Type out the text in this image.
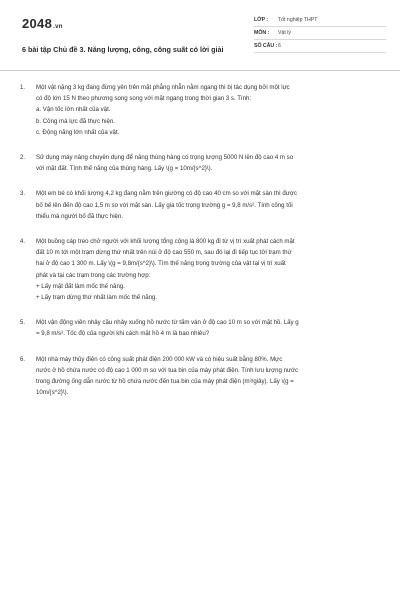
2048.vn
6 bài tập Chủ đề 3. Năng lượng, công, công suất có lời giải
LỚP : Tốt nghiệp THPT
MÔN : Vật lý
SỐ CÂU : 6
1. Một vật nặng 3 kg đang đứng yên trên mặt phẳng nhẵn nằm ngang thì bị tác dụng bởi một lực
có độ lớn 15 N theo phương song song với mặt ngang trong thời gian 3 s. Tính:
a. Vận tốc lớn nhất của vật.
b. Công mà lực đã thực hiện.
c. Động năng lớn nhất của vật.
2. Sử dụng máy nâng chuyên dụng để nâng thùng hàng có trọng lượng 5000 N lên độ cao 4 m so
với mặt đất. Tính thế năng của thùng hàng. Lấy \(g = 10m/{s^2}\).
3. Một em bé có khối lượng 4,2 kg đang nằm trên giường có độ cao 40 cm so với mặt sàn thì được
bố bế lên đến độ cao 1,5 m so với mặt sàn. Lấy gia tốc trọng trường g = 9,8 m/s². Tính công tối
thiểu mà người bố đã thực hiện.
4. Một buồng cáp treo chở người với khối lượng tổng cộng là 800 kg đi từ vị trí xuất phát cách mặt
đất 10 m tới một trạm dừng thứ nhất trên núi ở độ cao 550 m, sau đó lại đi tiếp tục tới trạm thứ
hai ở độ cao 1 300 m. Lấy \(g = 9,8m/{s^2}\). Tìm thế năng trọng trường của vật tại vị trí xuất
phát và tại các trạm trong các trường hợp:
+ Lấy mặt đất làm mốc thế năng.
+ Lấy trạm dừng thứ nhất làm mốc thế năng.
5. Một vận động viên nhảy cầu nhảy xuống hồ nước từ tấm ván ở độ cao 10 m so với mặt hồ. Lấy g
= 9,8 m/s². Tốc độ của người khi cách mặt hồ 4 m là bao nhiêu?
6. Một nhà máy thủy điện có công suất phát điện 200 000 kW và có hiệu suất bằng 80%. Mực
nước ở hồ chứa nước có độ cao 1 000 m so với tua bin của máy phát điện. Tính lưu lượng nước
trong đường ống dẫn nước từ hồ chứa nước đến tua bin của máy phát điện (m³/giây). Lấy \(g =
10m/{s^2}\).
